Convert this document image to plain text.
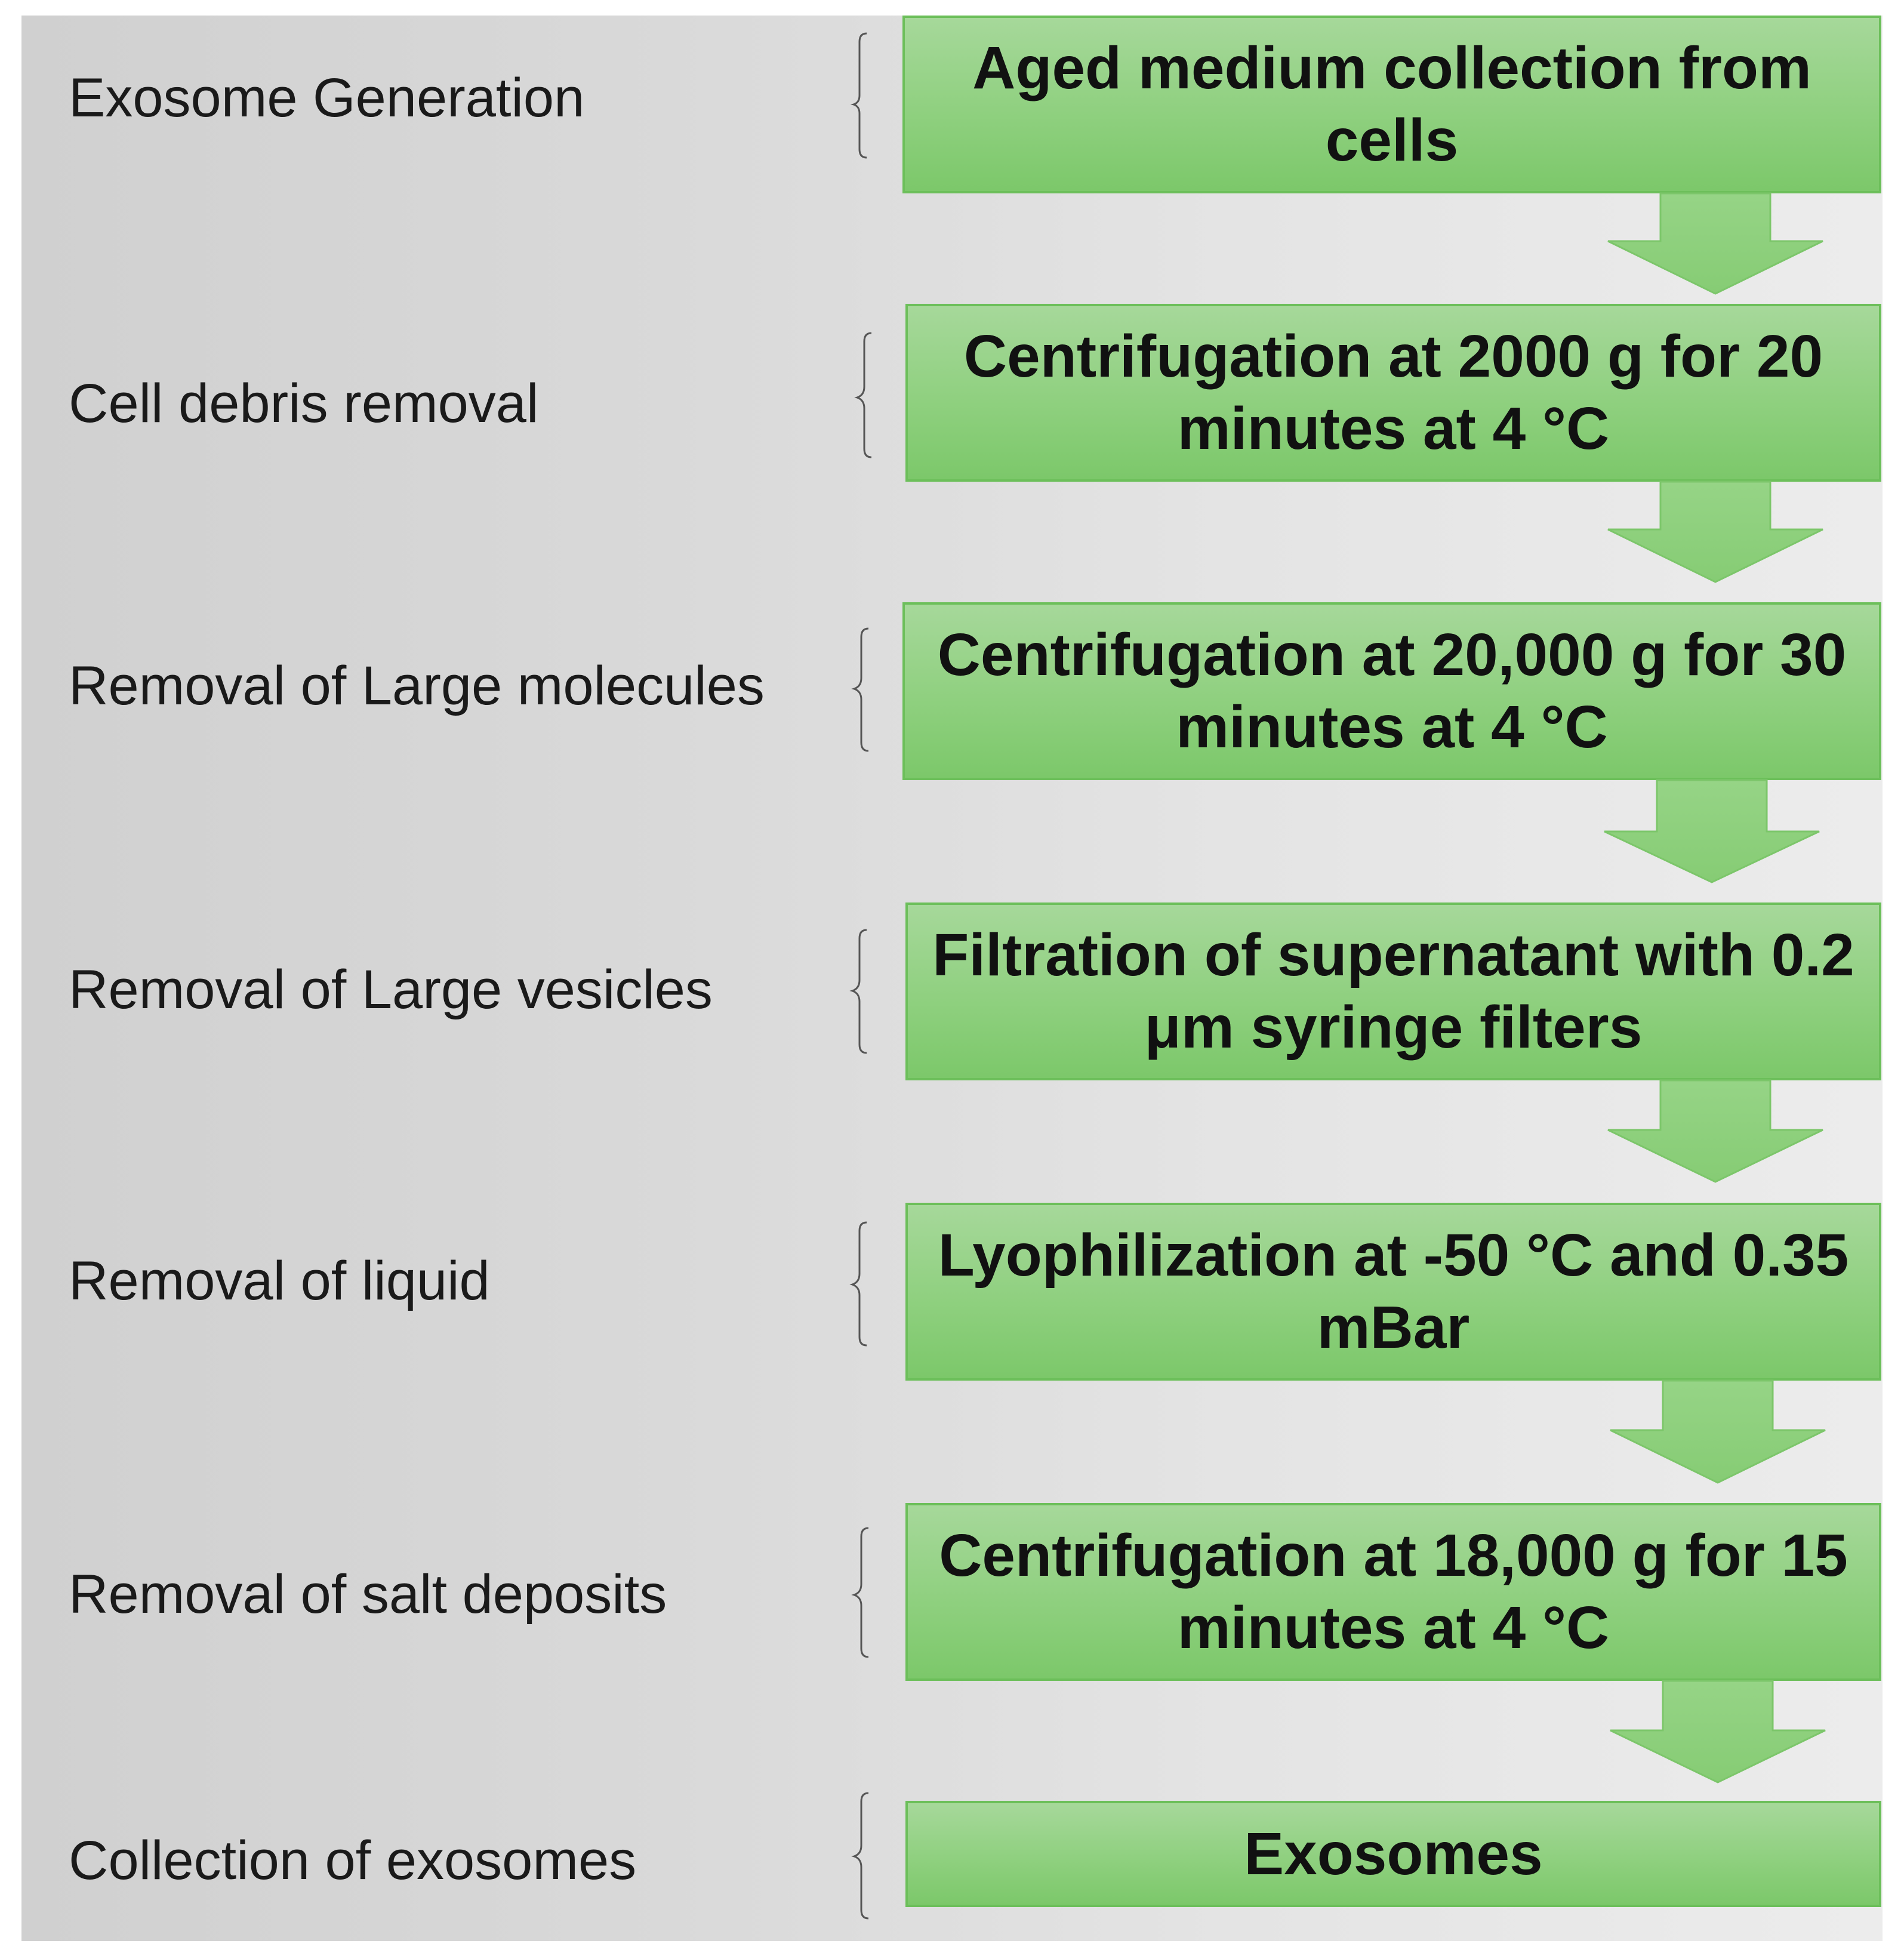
Exosome Generation
Cell debris removal
Removal of Large molecules
Removal of Large vesicles
Removal of liquid
Removal of salt deposits
Collection of exosomes
Aged medium collection from cells
Centrifugation at 2000 g for 20 minutes at 4 °C
Centrifugation at 20,000 g for 30 minutes at 4 °C
Filtration of supernatant with 0.2 μm syringe filters
Lyophilization at -50 °C and 0.35 mBar
Centrifugation at 18,000 g for 15 minutes at 4 °C
Exosomes
